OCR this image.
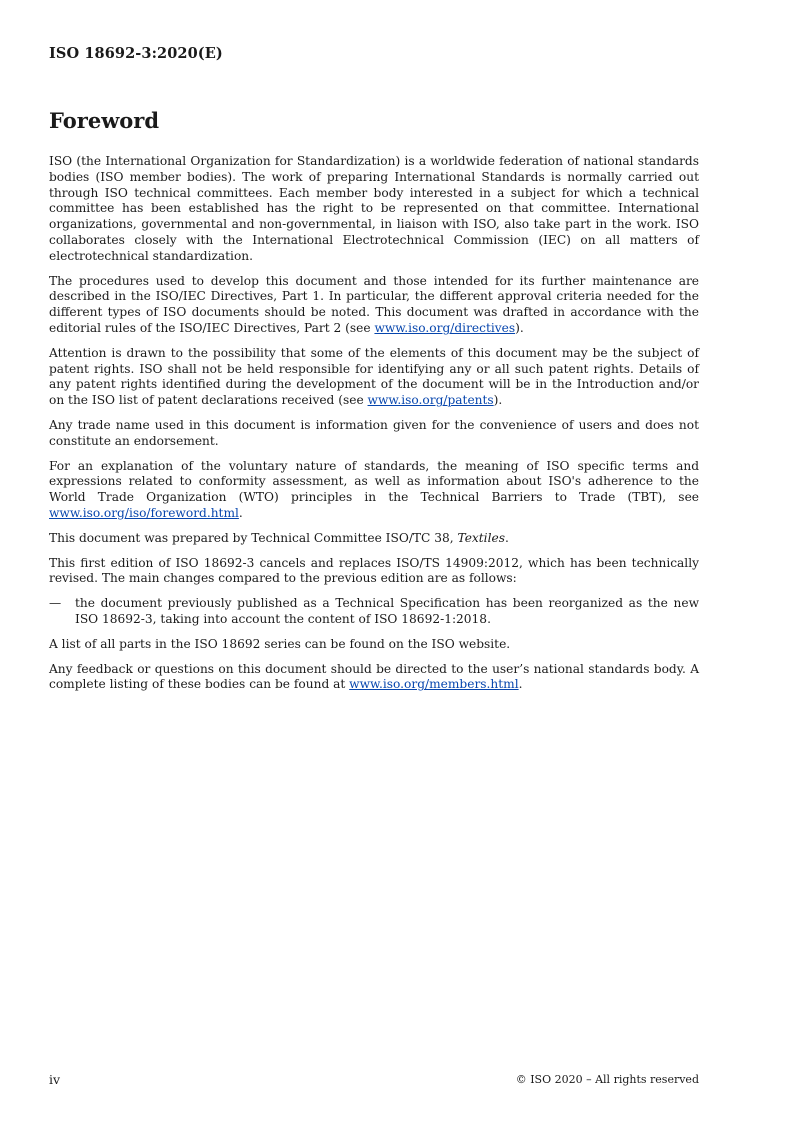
ISO 18692-3:2020(E)
Foreword

ISO (the International Organization for Standardization) is a worldwide federation of national standards bodies (ISO member bodies). The work of preparing International Standards is normally carried out through ISO technical committees. Each member body interested in a subject for which a technical committee has been established has the right to be represented on that committee. International organizations, governmental and non-governmental, in liaison with ISO, also take part in the work. ISO collaborates closely with the International Electrotechnical Commission (IEC) on all matters of electrotechnical standardization.

The procedures used to develop this document and those intended for its further maintenance are described in the ISO/IEC Directives, Part 1. In particular, the different approval criteria needed for the different types of ISO documents should be noted. This document was drafted in accordance with the editorial rules of the ISO/IEC Directives, Part 2 (see www.iso.org/directives).

Attention is drawn to the possibility that some of the elements of this document may be the subject of patent rights. ISO shall not be held responsible for identifying any or all such patent rights. Details of any patent rights identified during the development of the document will be in the Introduction and/or on the ISO list of patent declarations received (see www.iso.org/patents).

Any trade name used in this document is information given for the convenience of users and does not constitute an endorsement.

For an explanation of the voluntary nature of standards, the meaning of ISO specific terms and expressions related to conformity assessment, as well as information about ISO's adherence to the World Trade Organization (WTO) principles in the Technical Barriers to Trade (TBT), see www.iso.org/iso/foreword.html.

This document was prepared by Technical Committee ISO/TC 38, Textiles.

This first edition of ISO 18692-3 cancels and replaces ISO/TS 14909:2012, which has been technically revised. The main changes compared to the previous edition are as follows:

—	the document previously published as a Technical Specification has been reorganized as the new ISO 18692-3, taking into account the content of ISO 18692-1:2018.

A list of all parts in the ISO 18692 series can be found on the ISO website.

Any feedback or questions on this document should be directed to the user’s national standards body. A complete listing of these bodies can be found at www.iso.org/members.html.

iv	© ISO 2020 – All rights reserved
